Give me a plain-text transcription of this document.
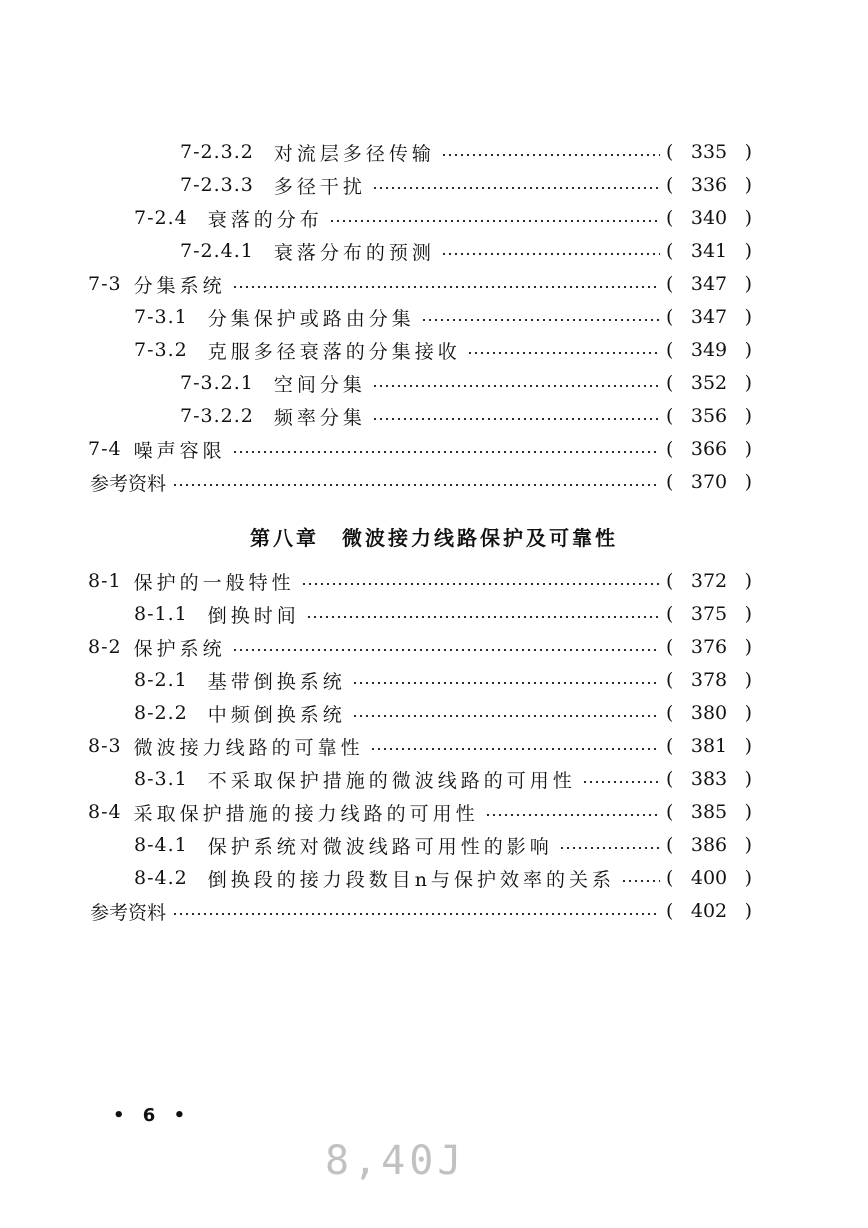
7-2.3.2 对流层多径传输	( 335 )
7-2.3.3 多径干扰	( 336 )
7-2.4 衰落的分布	( 340 )
7-2.4.1 衰落分布的预测	( 341 )
7-3 分集系统	( 347 )
7-3.1 分集保护或路由分集	( 347 )
7-3.2 克服多径衰落的分集接收	( 349 )
7-3.2.1 空间分集	( 352 )
7-3.2.2 频率分集	( 356 )
7-4 噪声容限	( 366 )
参考资料	( 370 )
8-1 保护的一般特性	( 372 )
8-1.1 倒换时间	( 375 )
8-2 保护系统	( 376 )
8-2.1 基带倒换系统	( 378 )
8-2.2 中频倒换系统	( 380 )
8-3 微波接力线路的可靠性	( 381 )
8-3.1 不采取保护措施的微波线路的可用性	( 383 )
8-4 采取保护措施的接力线路的可用性	( 385 )
8-4.1 保护系统对微波线路可用性的影响	( 386 )
8-4.2 倒换段的接力段数目n与保护效率的关系	( 400 )
参考资料	( 402 )
第八章　微波接力线路保护及可靠性
• 6 •
8,40J
